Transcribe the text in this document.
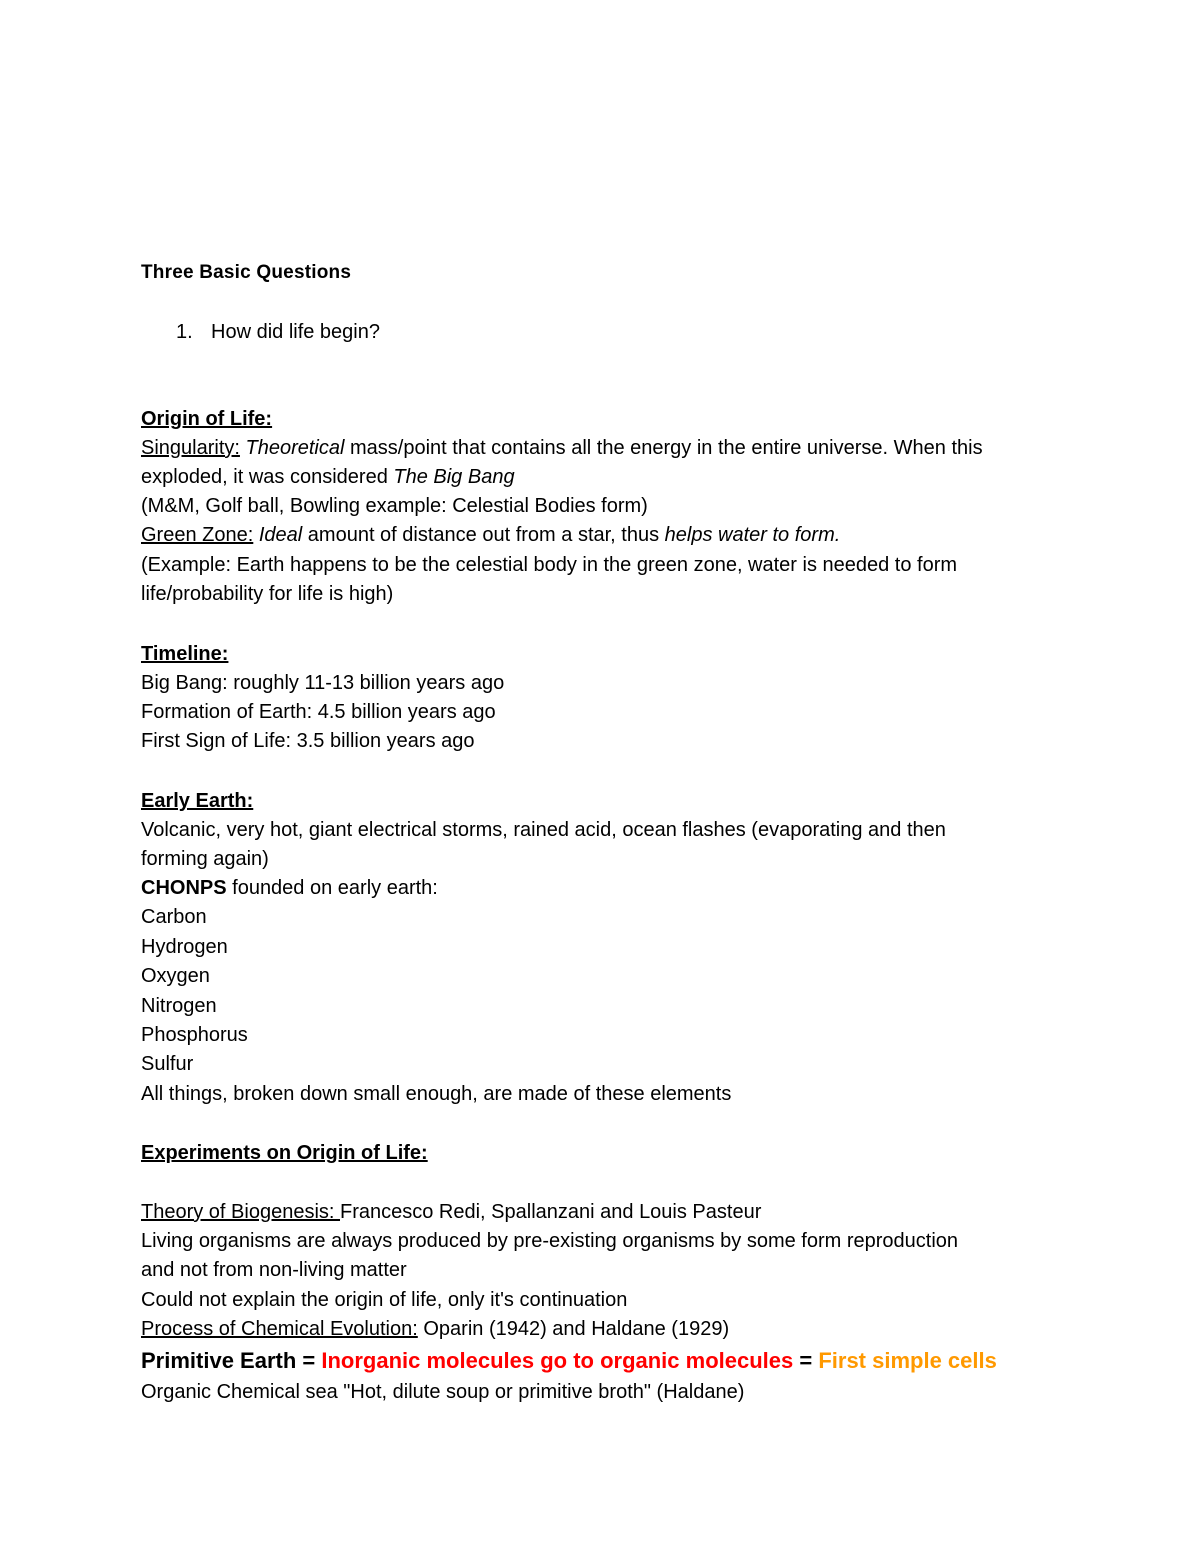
Three Basic Questions
1. How did life begin?
Origin of Life:
Singularity: Theoretical mass/point that contains all the energy in the entire universe. When this
exploded, it was considered The Big Bang
(M&M, Golf ball, Bowling example: Celestial Bodies form)
Green Zone: Ideal amount of distance out from a star, thus helps water to form.
(Example: Earth happens to be the celestial body in the green zone, water is needed to form
life/probability for life is high)
Timeline:
Big Bang: roughly 11-13 billion years ago
Formation of Earth: 4.5 billion years ago
First Sign of Life: 3.5 billion years ago
Early Earth:
Volcanic, very hot, giant electrical storms, rained acid, ocean flashes (evaporating and then
forming again)
CHONPS founded on early earth:
Carbon
Hydrogen
Oxygen
Nitrogen
Phosphorus
Sulfur
All things, broken down small enough, are made of these elements
Experiments on Origin of Life:
Theory of Biogenesis: Francesco Redi, Spallanzani and Louis Pasteur
Living organisms are always produced by pre-existing organisms by some form reproduction
and not from non-living matter
Could not explain the origin of life, only it's continuation
Process of Chemical Evolution: Oparin (1942) and Haldane (1929)
Primitive Earth = Inorganic molecules go to organic molecules = First simple cells
Organic Chemical sea "Hot, dilute soup or primitive broth" (Haldane)
